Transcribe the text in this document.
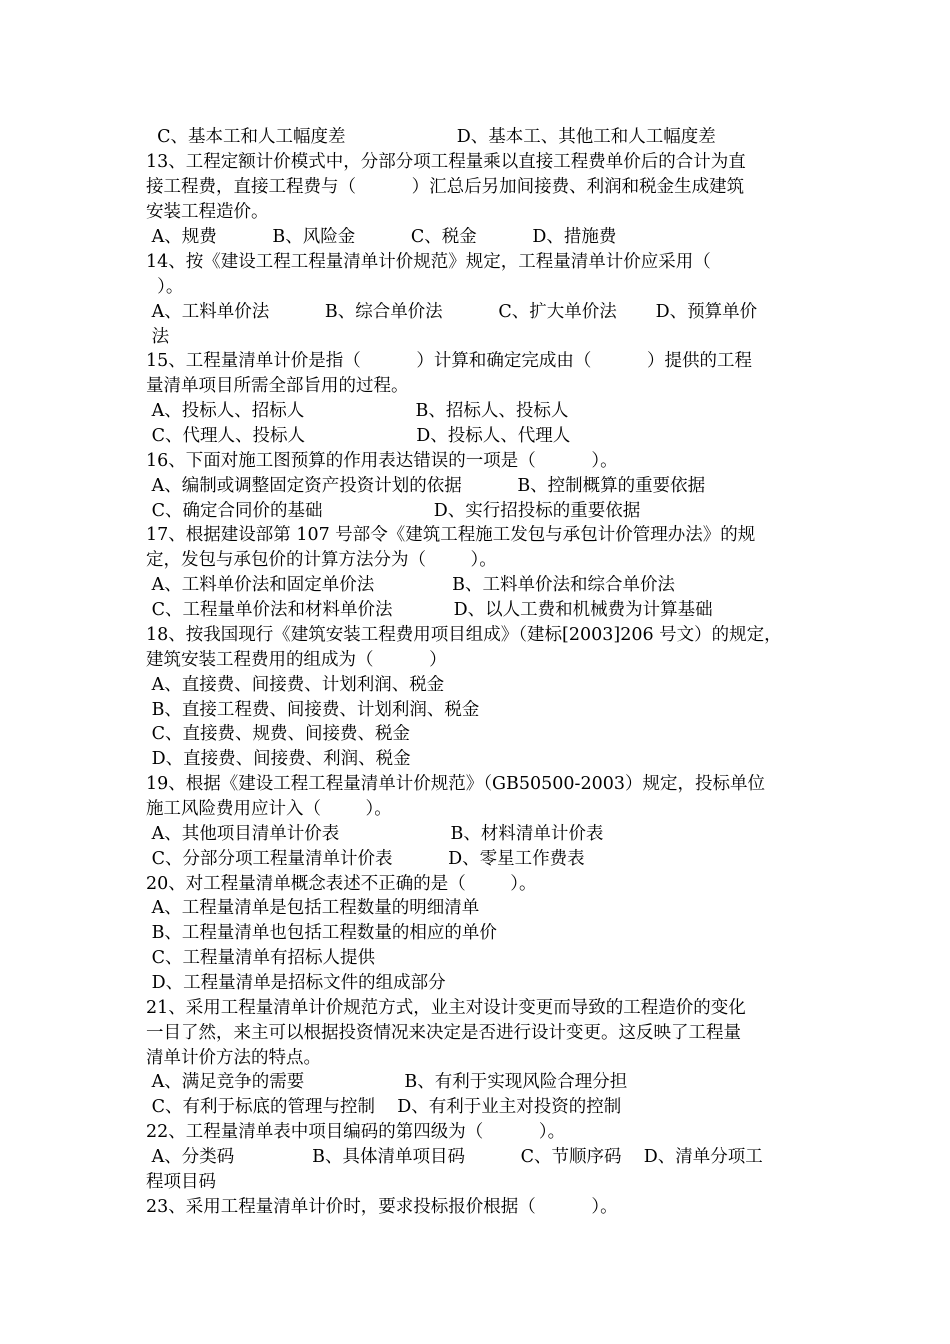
C、基本工和人工幅度差                    D、基本工、其他工和人工幅度差
13、工程定额计价模式中，分部分项工程量乘以直接工程费单价后的合计为直
接工程费，直接工程费与（          ）汇总后另加间接费、利润和税金生成建筑
安装工程造价。
A、规费          B、风险金          C、税金          D、措施费
14、按《建设工程工程量清单计价规范》规定，工程量清单计价应采用（
）。
A、工料单价法          B、综合单价法          C、扩大单价法       D、预算单价
法
15、工程量清单计价是指（          ）计算和确定完成由（          ）提供的工程
量清单项目所需全部旨用的过程。
A、投标人、招标人                    B、招标人、投标人
C、代理人、投标人                    D、投标人、代理人
16、下面对施工图预算的作用表达错误的一项是（          ）。
A、编制或调整固定资产投资计划的依据          B、控制概算的重要依据
C、确定合同价的基础                    D、实行招投标的重要依据
17、根据建设部第 107 号部令《建筑工程施工发包与承包计价管理办法》的规
定，发包与承包价的计算方法分为（        ）。
A、工料单价法和固定单价法              B、工料单价法和综合单价法
C、工程量单价法和材料单价法           D、以人工费和机械费为计算基础
18、按我国现行《建筑安装工程费用项目组成》（建标[2003]206 号文）的规定，
建筑安装工程费用的组成为（          ）
A、直接费、间接费、计划利润、税金
B、直接工程费、间接费、计划利润、税金
C、直接费、规费、间接费、税金
D、直接费、间接费、利润、税金
19、根据《建设工程工程量清单计价规范》（GB50500-2003）规定，投标单位
施工风险费用应计入（        ）。
A、其他项目清单计价表                    B、材料清单计价表
C、分部分项工程量清单计价表          D、零星工作费表
20、对工程量清单概念表述不正确的是（        ）。
A、工程量清单是包括工程数量的明细清单
B、工程量清单也包括工程数量的相应的单价
C、工程量清单有招标人提供
D、工程量清单是招标文件的组成部分
21、采用工程量清单计价规范方式，业主对设计变更而导致的工程造价的变化
一目了然，来主可以根据投资情况来决定是否进行设计变更。这反映了工程量
清单计价方法的特点。
A、满足竞争的需要                  B、有利于实现风险合理分担
C、有利于标底的管理与控制    D、有利于业主对投资的控制
22、工程量清单表中项目编码的第四级为（          ）。
A、分类码              B、具体清单项目码          C、节顺序码    D、清单分项工
程项目码
23、采用工程量清单计价时，要求投标报价根据（          ）。
